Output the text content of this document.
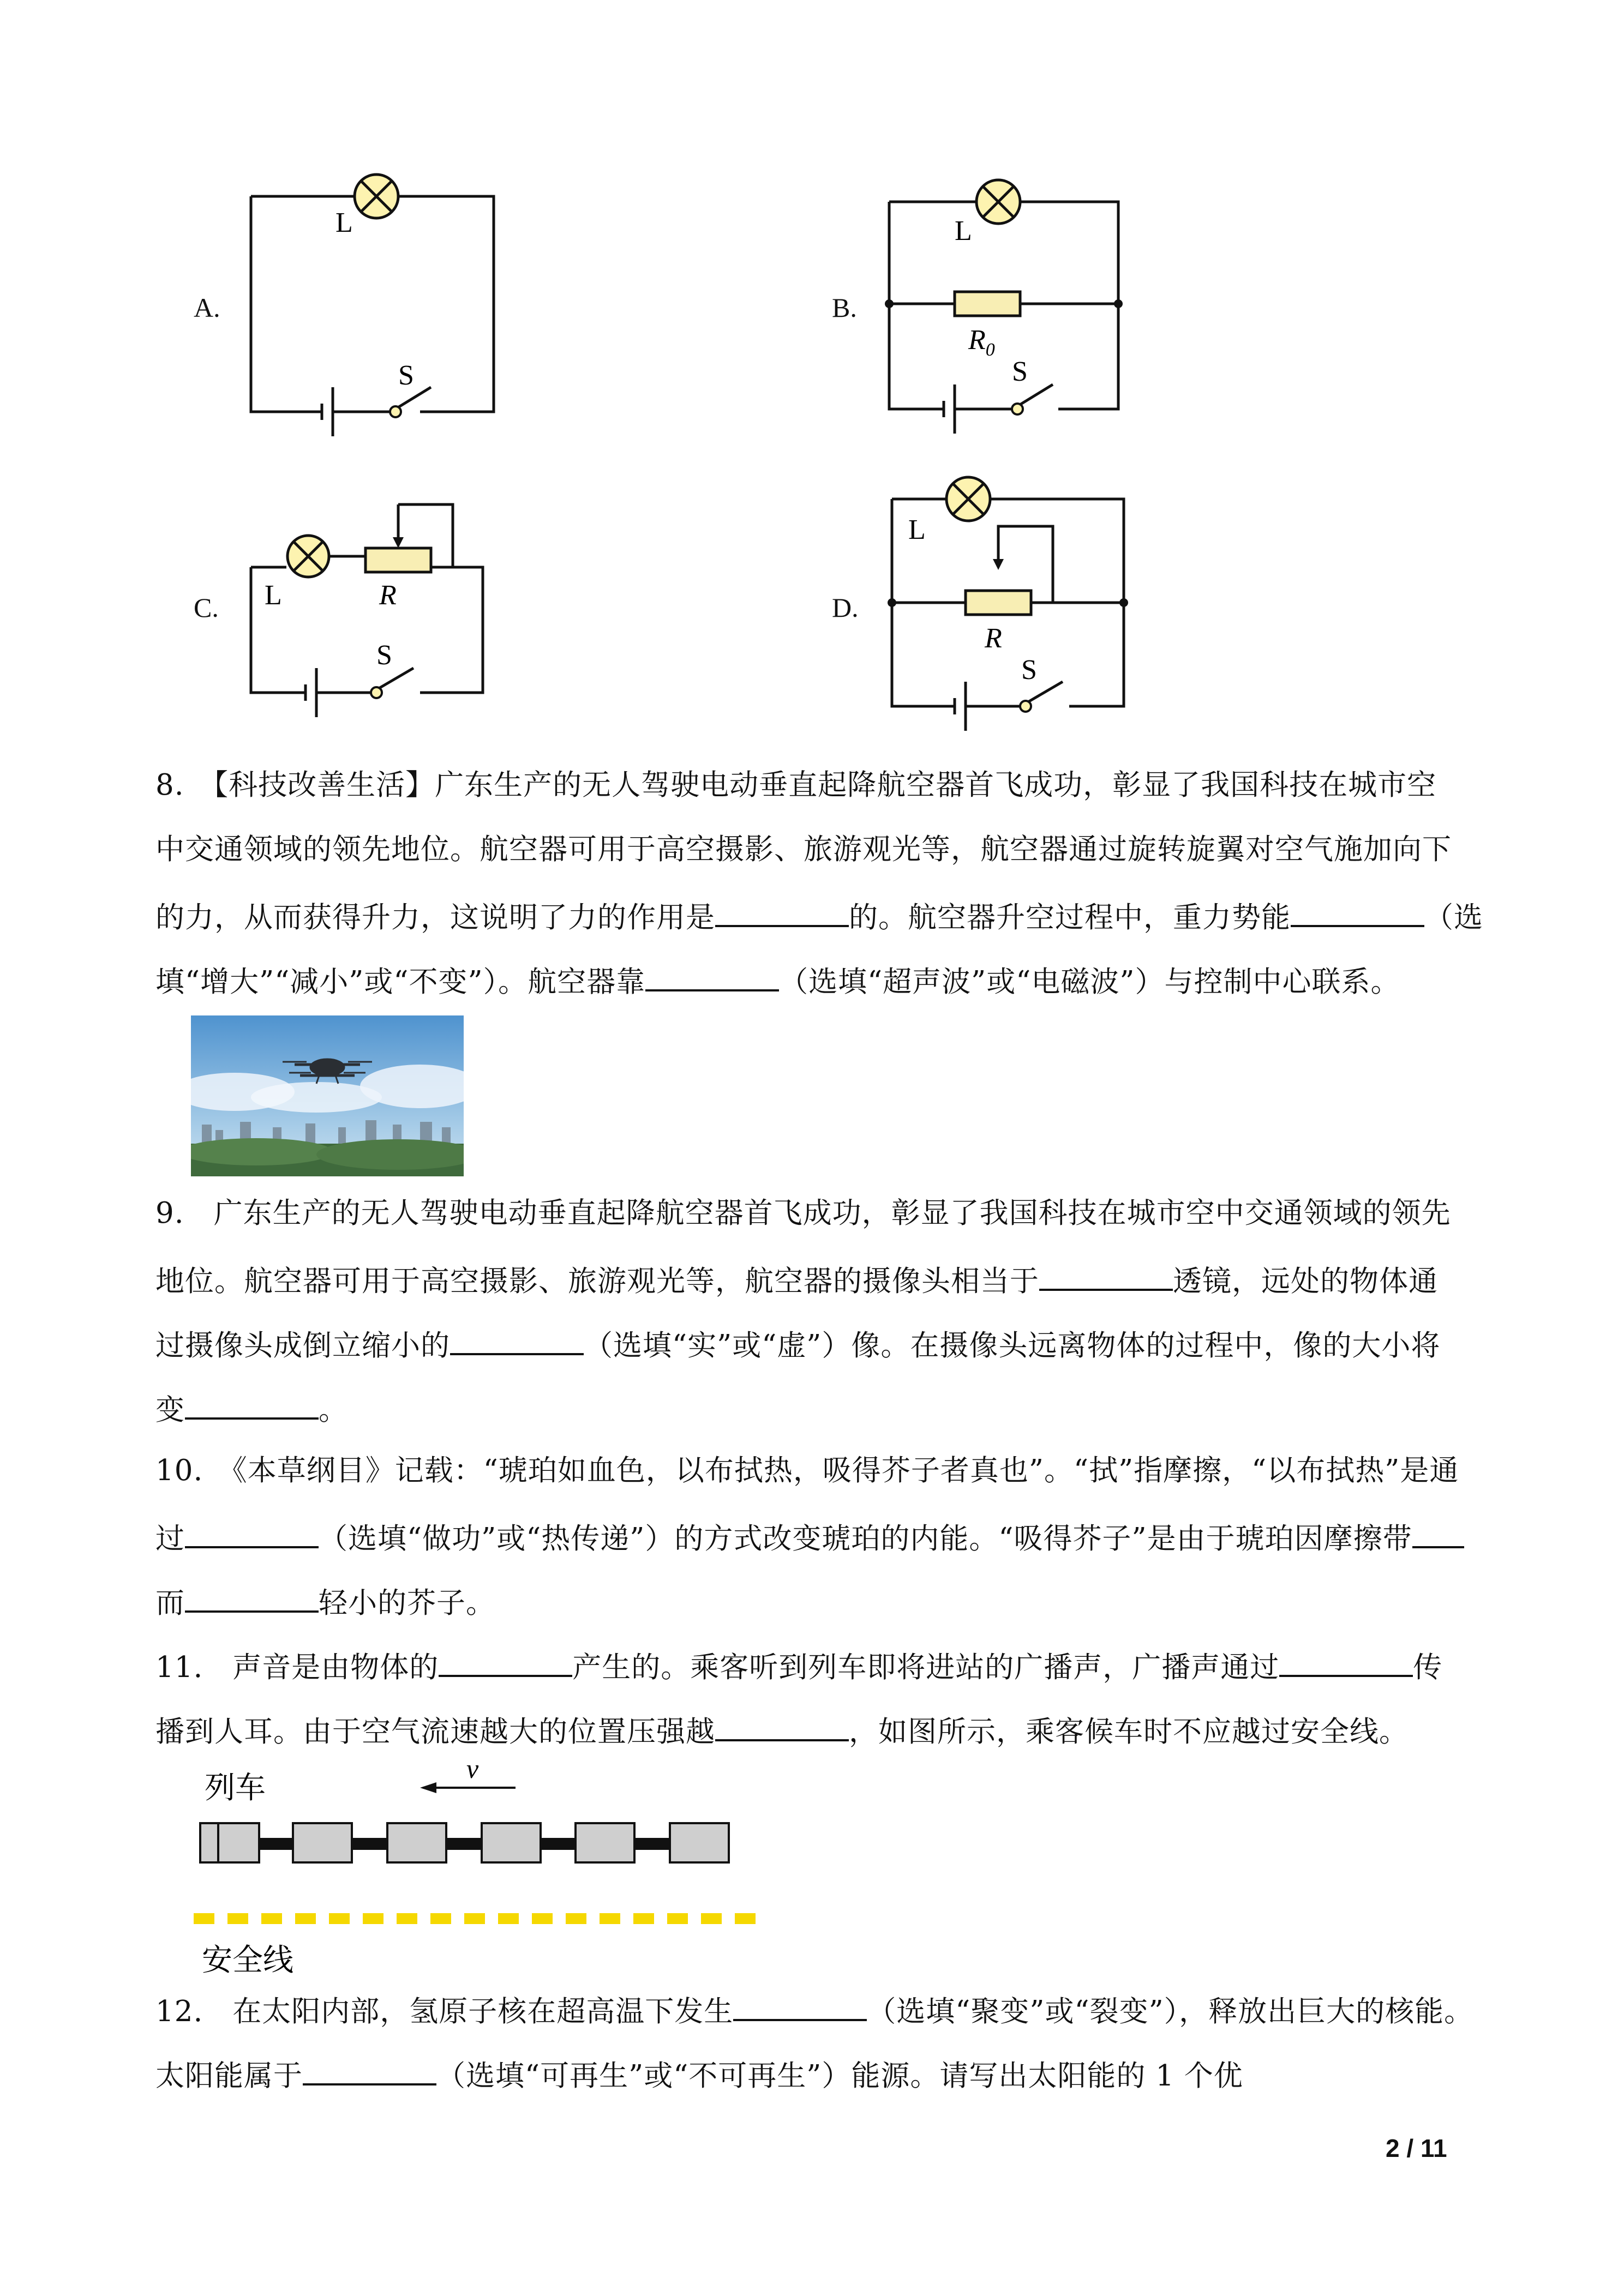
A.
L
S
B.
L
$R_0$
S
C. L	R
S
D.
L
R
S
8.　【科技改善生活】广东生产的无人驾驶电动垂直起降航空器首飞成功，彰显了我国科技在城市空
中交通领域的领先地位。航空器可用于高空摄影、旅游观光等，航空器通过旋转旋翼对空气施加向下
的力，从而获得升力，这说明了力的作用是	的。航空器升空过程中，重力势能	（选
填“增大”“减小”或“不变”）。航空器靠	（选填“超声波”或“电磁波”）与控制中心联系。
9.　广东生产的无人驾驶电动垂直起降航空器首飞成功，彰显了我国科技在城市空中交通领域的领先
地位。航空器可用于高空摄影、旅游观光等，航空器的摄像头相当于	透镜，远处的物体通
过摄像头成倒立缩小的	（选填“实”或“虚”）像。在摄像头远离物体的过程中，像的大小将
变	。
10.　《本草纲目》记载：“琥珀如血色，以布拭热，吸得芥子者真也”。“拭”指摩擦，“以布拭热”是通
过	（选填“做功”或“热传递”）的方式改变琥珀的内能。“吸得芥子”是由于琥珀因摩擦带
而	轻小的芥子。
11.　声音是由物体的	产生的。乘客听到列车即将进站的广播声，广播声通过	传
播到人耳。由于空气流速越大的位置压强越	，如图所示，乘客候车时不应越过安全线。
列车
v
安全线
12.　在太阳内部，氢原子核在超高温下发生	（选填“聚变”或“裂变”），释放出巨大的核能。
太阳能属于	（选填“可再生”或“不可再生”）能源。请写出太阳能的 1 个优
2 / 11
